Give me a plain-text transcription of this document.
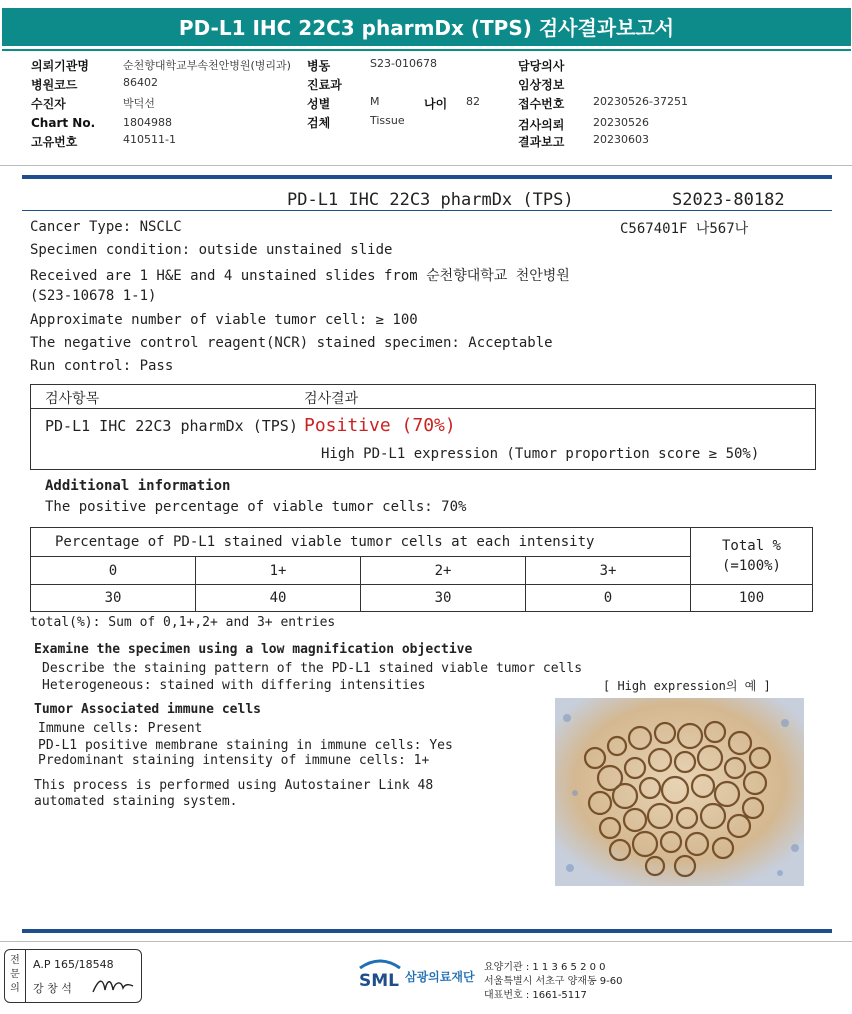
PD-L1 IHC 22C3 pharmDx (TPS) 검사결과보고서
의뢰기관명	순천향대학교부속천안병원(병리과)
병원코드	86402
수진자	박덕선
Chart No.	1804988
고유번호	410511-1
병동	S23-010678
진료과
성별	M	나이 82
검체	Tissue
담당의사
임상정보
접수번호	20230526-37251
검사의뢰	20230526
결과보고	20230603
PD-L1 IHC 22C3 pharmDx (TPS)	S2023-80182
C567401F 나567나
Cancer Type: NSCLC
Specimen condition: outside unstained slide
Received are 1 H&E and 4 unstained slides from 순천향대학교 천안병원
(S23-10678 1-1)
Approximate number of viable tumor cell: ≥ 100
The negative control reagent(NCR) stained specimen: Acceptable
Run control: Pass
검사항목	검사결과
PD-L1 IHC 22C3 pharmDx (TPS) Positive (70%)
High PD-L1 expression (Tumor proportion score ≥ 50%)
Additional information
The positive percentage of viable tumor cells: 70%
Percentage of PD-L1 stained viable tumor cells at each intensity				Total %
(=100%)
0	1+	2+	3+	
30	40	30	0	100
total(%): Sum of 0,1+,2+ and 3+ entries
Examine the specimen using a low magnification objective
Describe the staining pattern of the PD-L1 stained viable tumor cells
Heterogeneous: stained with differing intensities	[ High expression의 예 ]
Tumor Associated immune cells
Immune cells: Present
PD-L1 positive membrane staining in immune cells: Yes
Predominant staining intensity of immune cells: 1+
This process is performed using Autostainer Link 48
automated staining system.
전문의
A.P 165/18548
강 창 석	SML 삼광의료재단
요양기관 : 1 1 3 6 5 2 0 0
서울특별시 서초구 양재동 9-60
대표번호 : 1661-5117
